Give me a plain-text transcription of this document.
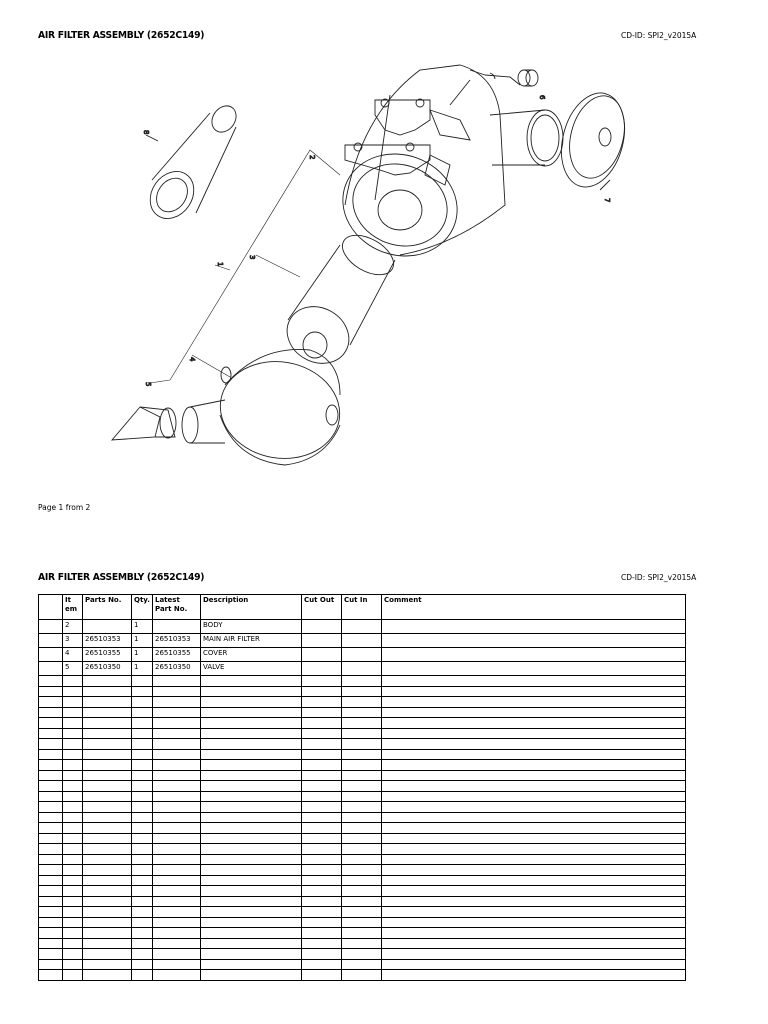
AIR FILTER ASSEMBLY (2652C149)	CD-ID: SPI2_v2015A
1
2
3
4
5
6
7
8
Page 1 from 2
AIR FILTER ASSEMBLY (2652C149)	CD-ID: SPI2_v2015A
	It em	Parts No.	Qty.	Latest Part No.	Description	Cut Out	Cut In	Comment
	2		1		BODY			
	3	26510353	1	26510353	MAIN AIR FILTER			
	4	26510355	1	26510355	COVER			
	5	26510350	1	26510350	VALVE			
